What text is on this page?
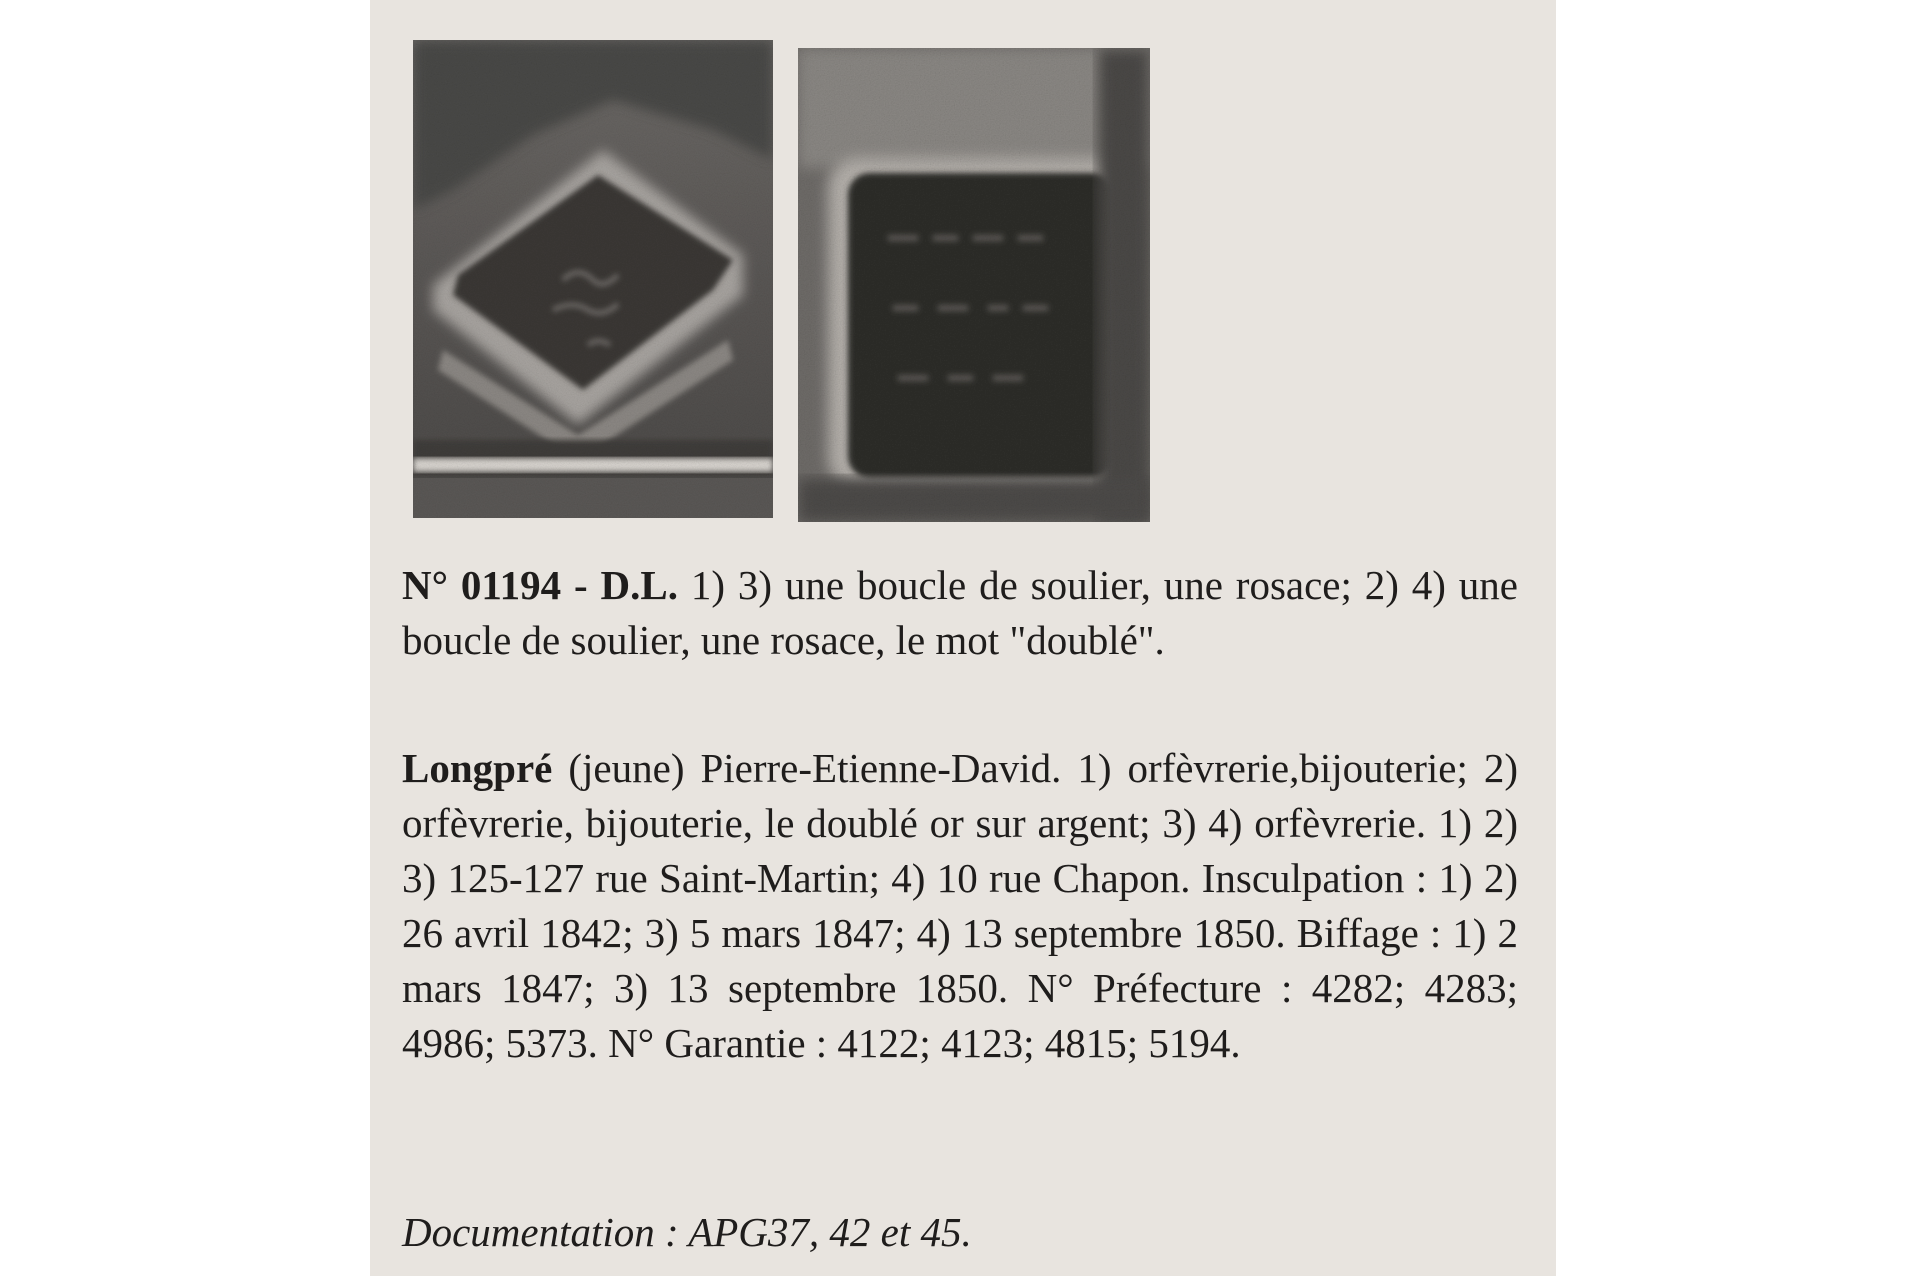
N° 01194 - D.L. 1) 3) une boucle de soulier, une rosace; 2) 4) une boucle de soulier, une rosace, le mot "doublé".

Longpré (jeune) Pierre-Etienne-David. 1) orfèvrerie,bijouterie; 2) orfèvrerie, bijouterie, le doublé or sur argent; 3) 4) orfèvrerie. 1) 2) 3) 125-127 rue Saint-Martin; 4) 10 rue Chapon. Insculpation : 1) 2) 26 avril 1842; 3) 5 mars 1847; 4) 13 septembre 1850. Biffage : 1) 2 mars 1847; 3) 13 septembre 1850. N° Préfecture : 4282; 4283; 4986; 5373. N° Garantie : 4122; 4123; 4815; 5194.

Documentation : APG37, 42 et 45.
